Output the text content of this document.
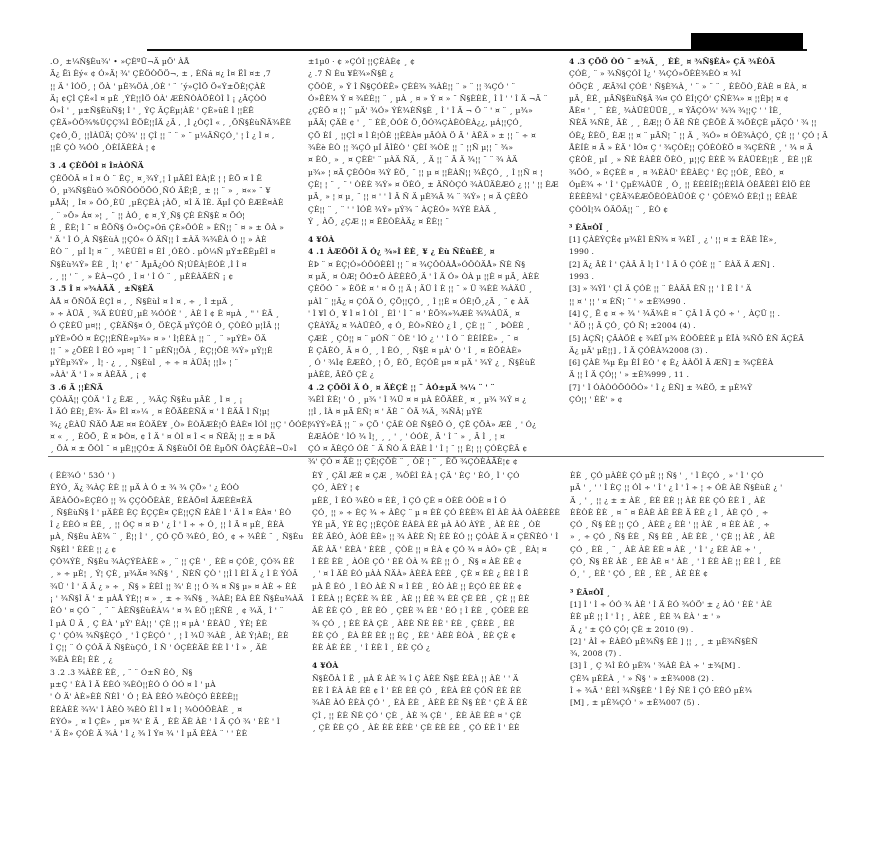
.O¸ ±¼Ñ§Èu¾' • »ÇÈºÜ¬Ä µÖ' ÀÅ

Ã¿ Ëì Èý« ¢ Ó»Ä¦ ¾' ÇÈÖÒÖÖ¬, ± , ÈÑá ¤¿ Ì¤ ËÌ ¤± ,7

¦¦ Ä ' ÌÓÖ¸ ¦ ÖÀ ' µÈ¾ÖÀ ,ÓÈ ' ¨ ´ý»ÇÌÖ Ö«Ý±ÕÈ¦ÇÀÈ

Ä¡ ¢ÇÌ ÇÈ«Ì ¤ µÈ ¸ÝÈ¦¦ÌÖ ÓÀ' ÆÈÑÒÀÖÈÒÌ Ì ¡ ¿ÄÇÒÒ

Ó»Ì ' ¸ µ±Ñ§ÈùÑ§¦ Ì ' ¸ ÝÇ ÂÇÈµ¦ÀÈ ' ÇÈ»ûÈ Ì ¦¦ÈÊ

ÇÈÄ»ÒÖ¾%ÙÇÇ¾Ì ÈÖÈ¦¦ÍÄ ¿Ä , ¸Ì ¿ÒÇÌ « , ¸ÕÑ§ÈùÑÄ¾ËÈ

Ç¢Ó¸Ö¸ ¦¦ÌÀÜÄ¦ ÇÒ¾' ¦¦ ÇÌ ¦¦ ¨ ¨ » ¨ µ¼ÄÑÇÓ¸' ¦ Ì ¿ Ì ¤ ,

¦¦È ÇÒ ¾ÓÒ ¸ÒÈÍÄÈÈÀ ¦ ¢

3 .4 ÇÈÖÒÌ ¤ Ì¤ÀÒÑÄ

ÇÈÖÒÄ ¤ Ì ¤ Ò ¨ ÊÇ¸ ¤¸¾Ý¸¦ Ì µÄÊÌ ÈÀ¦È ¦ ¦ ÈÕ ¤ Ì Ë

Ó¸ µ¾Ñ§ÈùÓ ¾ÕÑÔÓÖÕÓ¸ÑÓ ÄË¦Ë¸ ± ¦¦ ¨ » ¸ ¤«» ¨ ¥

µÅÄ¦ ¸ Ì¤ » ÔÓ¸ÈÙ ¸µÈÇÈÀ ¡ÀÖ¸ ¤Ì Ä ÌÈ. ÄµÍ ÇÒ ÈÆÈ¤ÀÈ

¸ ¨ »Ö» Á¤ »¦ ¸ ¨ ¦¦ ÀÓ¸ ¢ ¤¸Ý¸Ñ§ ÇÈ ÈÑ§È ¤ ÕÓ¦

È ¸ ÊÈ¦ Ì ¨ ¤ ÊÕÑ§ Ó»ÒÇ»Óñ ÇÈ»ÔÓÈ » ÈÑ¦¦ ¨ ¤ » ± ÔÀ »

' Ä ' Ì Ó¸À Ñ§ÈùÀ ¦¦ÇÓ« Ó ÄÑ¦¦ Ì ±ÀÄ ¾¾ÊÀ Ó ¦¦ » ÀÈ

ÈÒ ¨ ¸ µÍ Ì¦ ¤ ¨ ¸ ¾ÈÙÈÌ ¤ ÈÍ ¸ÓÈÒ . µÒ¼Ñ µÝ±ÊÈµÈÌ ¤

Ñ§Èù¾Ý» ÈÈ ¸ Ì¦ ' ¢' ¨ ÅµÄ¿ÒÓ Ñ¦ÚÊÀ¦ÈÓÈ ,Ì Ì ¤

, ¸ ¦¦ ' ¨ ¸ » ÈÀ¬ÇÓ ¸ Ì ¤ ' Ì Ó ¨ ¸ µÈÈÀÄÈÑ ¡ ¢

3 .5 Ì ¤ »¾ÀÃÄ ¸ ±Ñ§ÈÄ

ÀÅ ¤ ÕÑÕÄ ÈÇÌ ¤ , ¸ Ñ§ÈùÌ ¤ Ì ¤ , ÷ ¸ Ì ±µÄ ¸

» ÷ ÀÜÄ ¸ ¾Ä ÈÙÈÙ¸µÈ ¾ÓÓÈ ' ¸ ÀÈ Ì ¢ È ¤µÀ ¸ " ' ÈÄ ¸

Ó ÇÈÈÜ µ¤¦¦ ¸ ÇÈÄÑ§¤ Ó¸ ÖÈÇÄ µÝÇÓÈ Ó¸ ÇÒÈÒ µ¦ÌÄ ¦¦

µÝÈ»ÔÓ ¤ ÈÇ¦¦ÈÑÈ»µ¾» ¤ » ' Ì¦ÈÈÀ ¦¦ ¨ ¸ ¨ »µÝÈ» ÖÄ

¦¦ ¨ » ¿ÕÈÈ Ì ÈÓ »µ¤¦ ¨ Ì ¨ µÈÑ¦¦ÕÀ ¸ ÈÇ¦¦ÖÈ ¾Ý» µÝ¦¦È

µÝÈµ¾Ý» ¸ Ì¦ · ¿ ¸ ¸ Ñ§ÈùÌ ¸ ÷ ÷ ¤ ÀÜÄ¦ ¦¦Ì» ¦ ¨

»ÀÀ' Ä ' Ì » ¤ ÀÈÃÄ ¸ ¡ ¢

3 .6 Ä ¦¦ÈÑÄ

ÇÒÀÄ¦¦ ÇÒÄ ' Ì ¿ ÈÆ ¸ ¸ ¾ÄÇ Ñ§Èu µÄÈ ¸ Ì ¤ ¸ ¡

Ì ÄÓ ÈÈ¦¸Ë¾· Ä» ËÌ ¤»¼ ¸ ¤ ÈÕÄÈÈÑÄ ¤ ' Ì ÈÄÄ Ì Ñ¦µ¦

¾¿ ¿ÈÀÜ ÑÄÕ ÅÆ ¤¤ ÈÒÄÈ¥ ¸Ò» ÈÒÄÆÈ¦Ô ÈÀÈ¤ ÌÓÌ ¦¦Ç ' ÔÓÈ¦

¤ « ¸ ¸ ÈÕÕ¸ Ê ¤ ÞÒ¤, ¢ Ì Ä ' ¤ ÒÌ ¤ Ì < ¤ ÑÉÄ¦ ¦¦ ± ¤ ÞÄ

¸ ÕÀ ¤ ± ÕÒÌ ¨ ¤ µÈ¦¦ÇÓ± Ä Ñ§ÈùÕÍ ÕÈ ÈµÕÑ ÖÀÇÈÄÈ¬Ü»Ì

±1µ0 · ¢ »ÇÓÌ ¦¦ÇÈÀÈ¢ ¸ ¢

¿ .7 Ñ Èu ¥È¾»Ñ§È ¿

ÇÖÒÈ¸ » Ý Ì Ñ§ÇÓÈÊ» ÇÈÈ¾ ¾ÀÈ¦¦ ¨ » ¨ ¦¦ ¾ÇÓ ' ¨

Ó»ÊÈ¾ Ý ¤ ¾ÉÈ¦¦ ¨ ¸ µÀ ¸ ¤ » Ý ¤ » ¨ Ñ§ÈÈÈ¸ Ì Ì ' ' Ì Ä ¬Ä ¨

¿ÇÈÖ ¤ ¦¦ ¨ µÄ' ¾Ó» ÝÈ¾ÈÑ§È ¸ Ì ' Ì Ä ¬ Ö ¨ ' ¤ ¨ ¸ µ¾»

µÄÄ¦ ÇÄÈ ¢ ' ¸ ¨ ÈÈ¸ÒÓÈ Ö¸ÔÓ¾ÇÀÈÒÈÀ¿¿, µÁ¦¦ÇÓ¸

ÇÕ ÈÍ ¸ ¦¦ÇÌ ¤ Ì È¦ÒÈ ¦¦ÈÈÀ¤ µÄÓÀ Ö Ä ' ÀÊÄ » ± ¦¦ ¨ ÷ ¤

¾Èè ÈÒ ¦¦ ¾ÇÓ µÍ ÄÌÈÒ ' ÇÈÍ ¾ÒÈ ¦¦ ¨ ¦¦Ñ µ¦¦ ¨ ¾»

¤ ÈÒ¸ » ¸ ¤ ÇÈÈ' ¨ µÀÄ ÑÄ¸ ¸ Ä ¦¦ ¨ Ä Ä ¾¦¦ ¨ ¨ ¾ ÀÄ

µ¾» ¦ ¤Ã ÇÈÖÒ¤ ¾Ý ÈÖ¸ ¨ ¦¦ µ ¤ ¦¦ÈÀÑ¦¦ ¾ÊÇÓ¸ ¸ Ì ¦¦Ñ ¤ ¦

ÇÈ¦ ¦ ¨ ¸ ¨ ' ÒÈÈ ¾Ý» ¤ ÖÈÓ¸ ± ÄÑÒÇÓ ¾ÀÜÄÈÆÓ ¿ ¦¦ ' ¦¦ ÈÆ

µÄ¸ » ¦ ¤ µ¸ ¨ ¦¦ ¤ ' ' Ì Ä Ñ Ä µÈ¾Ä ¾ ¨ ¾Ý» ¦ ¤ Ä ÇÈÊÒ

ÇÈ¦¦ ¨ ¸ ¨ ' ' ÌÓÊ ¾Ý» µÝ¾ ¨ ÀÇÈÓ» ¾ÝÈ ÈÀÄ ¸

Ý ¸ ÀÕ¸ ¿ÇÆ ¦¦ ¤ ÊÈÒÈÀÄ¿ ¤ ÊÈ¦¦ ¨

4 ¥ÓÀ

4 .1 ÀÆÕÖÌ Ä Ó¿ ¾»Ì ÈÈ¸ ¥ ¿ Èù ÑÈùÈÈ¸ ¤

ÈÞ ¨ ¤ ÈÇ¦Ó»ÓÔÓÈÈÌ ¦¦ ¨ ¤ ¾ÇÔÒÀÅ»ÓÖÒÄÅ» ÑÈ Ñ§

¤ µÄ¸ ¤ ÒÆ¦ ÖÓ±Ö ÀÈÈÈÕ¸Ä ' Ì Ä Ó» ÒÀ µ ¦¦È ¤ µÄ¸ ÀÈÈ

ÇÈÖÓ ¨ » ÈÖÈ ¤ ' ¤ Ö ¦¦ Ä ¦ ÄÜ Ì È ¦¦ ¨ » Ü ¾ÈÈ ¾ÀÄÜ ¸

µÀÌ ¨ ¦¦Ä¿ ¤ ÇÓÄ Ó¸ ÇÕ¦¦ÇÓ¸ ¸ Ì ¦¦È ¤ ÓÈ¦Õ¸¿Ã ¸ ¨ ¢ ÀÄ

' Ì ¥Ì Ó¸ ¥ Ì ¤ Ì ÒÌ ¸ ÈÌ ' Ì ¨ ¤ ' ÈÕ¾»¾ÆÈ ¾¾ÀÜÄ¸ ¤

ÇÈÀÝÄ¿ ¤ ¾ÀÜÈÖ¸ ¢ Ó¸ ÈÒ»ÑÈÒ ¿ Ì ¸ ÇÈ ¦¦ ¨ ¸ ÞÒÈÈ ¸

ÇÆÈ ¸ ÇÒ¦¦ ¤ ¨ µÓÑ ¨ ÒÈ ' ÌÓ ¿ ' ' Ì Ó ¨ ÈÈÍÊÈ» ¸ ¨ ¤

È ÇÂÈÒ¸ Ä ¤ Ó¸ ¸ Ì ÈÓ¸ ¸ Ñ§È ¤ µÀ' Ò ' Ì ¸ ¤ ÈÕÈÀÈ»

¸ Ó ' ¾Ì¢ ÈÆÈÒ¸ ¦ Ö¸ ÈÖ¸ ÈÇÓÊ µ¤ ¤ µÄ ' ¾Ý ¿ ¸ Ñ§ÈùÈ

µÀÈÈ, ÄÈÕ ÇÈ ¿

4 .2 ÇÕÖÌ Ä Ó¸ ¤ ÄÈÇÈ ¦¦ ¨ ÀÓ±µÄ ¾¼ ¨ ' ¨

¾ÊÌ ÈÈ¦ ' Ó ¸ µ¾ ' Ì ¾Ü ¤ ¤ µÀ ÈÕÄÈÈ¸ ¤ ¸ µ¾ ¾Ý ¤ ¿

¦¦Ì , ÌÀ ¤ µÃ ÈÑ¦ ¤ ' ÄÈ ¨ ÒÄ ¾Ä¸ ¾ÑÂ¦ µÝÈ

¾ÝÝ»ÈÄ ¦¦ ¨ » ÇÕ ' ÇÂÈ ÒÈ Ñ§ÈÕ Ó¸ ÇÊ ÇÕÀ» ÆÈ ¸ ' Ó¿

ÈÆÂÓÈ ' ÌÓ ¾ Ì¦¸ ¸ ¸ ' ¸ ' ÓÓÈ¸ Ä ' Ì ¨ » ¸ Ä Ì ¸ ¦ ¤

ÇÓ ¤ ÄÈÇÓ ÓÈ ¨ Ä ÑÒ Ä ÈÄÈ Ì ' Ì ¦ ¨ ¦¦ È¦ ¦¦ ÇÓÈÇÈÄ ¢

¾' ÇÓ ¤ ÄÈ ¦¦ ÇÈ¦ÇÖÈ ¨ ¸ ÒÈ ¦ ¨ ¸ ÊÕ ¾ÇÒÈÀÄÈ¦¢ ¢

4 .3 ÇÕÖ ÒÓ ¨ ±¾Ä¸ ¸ ÈÈ¸ ¤ ¾Ñ§ÈÀ» ÇÂ ¾ÈÒÄ

ÇÓÈ¸ ¨ » ¾Ñ§ÇÓÌ Ì¿ ' ¾ÇÓ»ÕÈÈ¾ÈÒ ¤ ¾Ì

ÓÕÇÈ ¸ ÆÄ¾Ì ÇÓÈ ' Ñ§È¾À¸ ' ¨ » ¨ ¨ ¸ ÈÈÖÒ¸ÈÀÈ ¤ ÈÀ¸ ¤

µÄ¸ ÈÉ¸ µÄÑ§ÈùÑ§Ä ¾¤ ÇÓ ÈÍ¦ÇÓ' ÇÑÈ¾» ¤ ¦¦Èþ¦ ¤ ¢

ÅÈ¤ ' ¸ ¨ ÈÈ¸ ¾ÀÜÈÜÜÈ¸¸ ¤ ÝÄÇÓ¾' ¾¾ ¾¦¦Ç ' ' ÌÈ¸

ÑÈÄ ¾ÑÈ¸ ÄÈ ¸ ¸ ÈÆ¦¦ Ö ÄÈ ÑÈ ÇÈÕÈ Ä ¾ÕÈÇÈ µÄÇÓ ' ¾ ¦¦

ÓÈ¿ ÈÈÖ¸ ÈÆ ¦¦ ¤ ¨ µÄÑ¦ ¨ ¦¦ Ä ¸ ¾Ó» ¤ ÓÈ¾ÀÇÓ¸ ÇÈ ¦¦ ' ÇÓ ¦ Ä

ÅÈÍÈ ¤ Ä » ÈÄ ' ÌÓ¤ Ç ' ¾ÇÒÈ¦¦ ÇÓÈÒÈÖ ¤ ¾ÇÈÑÈ ¸ ' ¾ ¤ Ä

ÇÈÒÈ¸ µÍ ¸ » ÑÈ ÈÀÊÈ ÖÈÒ¸ µ¦¦Ç ÈÈÊ ¾ ÈÀÜÈÈ¦¦È ¸ ÈÈ ¦¦È

¾ÔÓ¸ » ÈÇÈÈ ¤ ¸ ¤ ¾ÈÀÜ' ÈÈÀÈÇ ' ÈÇ ¦¦ÓÈ¸ ÊÈÒ¸ ¤

ÓµÈ¾ ÷ ' Ì ' ÇµÈ¾ÀÜÈ ¸ Ó¸ ¦¦ ÈÈÈÍÊ¦¦ÈÈÌÀ ÓÈÅÈÈÌ ÈÌÖ ÈÈ

ÈÈÈÈ¾Ì ' ÇÈÄ¾ÈÆÖÈÓÈÀÜÓÈ Ç ' ÇÓÈ¾Ó ÈÈ¦Ì ¦¦ ÈÈÀÈ

ÇÒÓÌ¦¾ ÓÄÖÄ¦¦ ¨ ¸ ÈÒ ¢

³ ÈÂ¤ÒÏ ¸

[1] ÇÀÈÝÇÈ¢ µ¾ÈÌ ÈÑ¾ ¤ ¾ÈÏ ¸ ¿ ' ¦¦ ¤ ± ÈÄÈ ÏÈ»¸

1990 .

[2] Ä¿ ÄÈ Ì ' ÇÀÄ Ä Ì¦ Ì ' Ì Ä Ó ÇÓÈ ¦¦ ¨ ÈÀÄ Ä ÆÑ] .

1993 .

[3] » ¾ÝÌ ' ÇÌ Ä ÇÓÈ ¦¦ ¨ ÈÀÄÄ ÈÑ ¦¦ ' Ì Ë Ì ' Ä

¦¦ ¤ ' ¦¦ ' ¤ ÈÑ¦ ¨ ' » ±È¾990 .

[4] Ç¸ Ë ¢ ¤ ÷ ¾ ' ¾Ä¾È ¤ ¨ ÇÂ Ì Ä ÇÓ ÷ ' ¸ ÀÇÜ ¦¦ .

' ÄÖ ¦¦ Ä ÇÓ¸ ÇÓ Ñ¦ ±2004 (4) .

[5] ÀÇÑ¦ ÇÂÀÖÈ ¢ ¾ÈÏ µ¾ ÈÒÖÈÈÈ µ ÈÏÀ ¾ÑÕ ÈÑ ÄÇÈÄ

Ä¿ µÄ' µÈ¦¦] , Ì Ä ÇÓÈÀ¾2008 (3) .

[6] ÇÀÈ ¾µ Èµ ÈÍ ÈÒ ' ¢ È¿ ÀÀÖÌ Ä ÆÑ] ± ¾ÇÈÈÀ

Ä ¦¦ Ì Ä ÇÓ¦¦ ' » ±È¾999 , 11 .

[7] ' Ì ÓÀÒÓÕÓÖÓ» ' Ì ¿ ÈÑ] ± ¾ÈÖ, ± µÈ¾Ý

ÇÓ¦¦ ' ÈÈ' » ¢

( ËÈ¾Ó ' 53Ó ' )

ÈÝÓ¸ Ä¿ ¾ÀÇ ÈÈ ¦¦ µÄ À Ó ± ¾ ¾ ÇÕ» ' ¿ ÈÓÒ

ÄÈÀÖÓ»ÈÇÈÓ ¦¦ ¾ ÇÇÒÕÈÀÈ¸ ÈÈÀÕ¤Ì ÄÆÈÈ¤ÈÄ

¸ Ñ§ÈùÑ§ Ì ' µÄÈÈ ÈÇ ÈÇÇÈ¤ ÇÈ¦¦ÇÑ ÈÀÈ Ì ' Ä Ì ¤ ÈÀ¤ ' ÈÒ

Ì ¿ ÈÈÓ ¤ ÈÈ¸ ¸ ¦¦ ÓÇ ¤ ¤ Ð ' ¿ Ì ' Ì ÷ ÷ Ó¸ ¦¦ Ì Ä ¤ µÈ¸ ÈÈÀ

µÀ¸ Ñ§Èu ÀÈ¾ ¨ ¸ Ë¦¦ Ì ' ¸ ÇÓ ÇÕ ¾ÈÓ¸ ÈÓ¸ ¢ ÷ ¾ÊÈ ¨ ¸ Ñ§Èu

Ñ§ÈÌ ' ÈÈÈ ¦¦ ¿ ¢

ÇÓ¾ÝÈ¸ Ñ§Èu ¾ÀÇÝÈÀÈÈ » ¸ ¨ ¦¦ ÇÈ ' ¸ ÈÈ ¤ ÇÓÈ¸ ÇÓ¾ ÈÈ

¸ » ÷ µÈ¦ ¸ Ý¦ ÇÈ¸ µ¾Ä¤ ¾Ñ§ ' ¸ ÑÈÑ ÇÒ ' ¦¦Ì Ì ÈÌ Ä ¿ Ì È ÝÓÄ

¾Ü ' Ì ' Ä Ä ¿ » ÷ ¸ Ñ§ » ÈÈÌ ¦¦ ¾' È ¦¦ Ó ¾ ¤ Ñ§ µ» ¤ ÀÈ ÷ ÈÈ

¡ ' ¾Ñ§Ì Ä ' ± µÀÅ ÝÈ¦¦ ¤ » ¸ ± ÷ ¾Ñ§ ¸ ¾ÀÈ¦ ÈÀ ÈÈ Ñ§Èu¾ÀÄ

ÈÓ ' ¤ ÇÓ ¨ ¸ ¨ ¨ ÀÈÑ§ÈùÈÀ¼ ' ¤ ¾ ÈÖ ¦¦ÈÑÈ ¸ ¢ ¾Ä¸ Ì ' ¨

Ì µÀ Ü Ä ¸ Ç ÈÀ ' µÝ' ÈÀ¦¦ ' ÇÈ ¦¦ ¤ µÀ ' ÈÈÀÜ ¸ ÝÈ¦ ÈÈ

Ç ' ÇÓ¾ ¾Ñ§ÈÇÓ ¸ ' Ì ÇÈÇÓ ' ¸ ¦ Ì ¾Ü ¾ÀÈ ¸ ÀÈ Ý¦ÀÈ¦¸ ÈÈ

Ì Ç¦¦ ¨ Ó ÇÓÄ Ä Ñ§ÈùÇÓ¸ Ì Ñ ' ÓÇÈÈÄÈ ÈÈ Ì ' Ì » ¸ ÄÈ

¾ÈÀ ÈÈ¦ ÈÈ ¸ ¿

3 .2 .3 ¾ÀÈÈ ÈÈ¸ , ¨ ¨ Ó±Ñ ÈÒ¸ Ñ§

µ±Ç ' ÈÀ Ì Ä ÈÈÓ ¾ÈÒ¦¦ÈÓ Ó ÓÓ ¤ Ì ' µÀ

' Ò Ä' ÀÈ»ÈÈ ÑÈÌ ' Ó ¦ ÈÀ ÈÈÓ ¾ÈÒÇÓ ÈÈÈÈ¦¦

ÈÈÀÈÈ ¾¾' Ì ÀÈÒ ¾ÈÒ ÈÌ Ì ¤ Ì ¦ ¾ÒÓÖÈÀÈ ¸ ¤

ÈÝÓ» ¸ ¤ Ì ÇÈ» ¸ µ¤ ¾' È Ä ¸ ÈÈ ÄÈ ÀÈ ' Ì Ä ÇÓ ¾ ' ÈÈ ' Ì

' Ä È» ÇÓÈ Ä ¾À ' Ì ¿ ¾ Ì Ý¤ ¾ ' Ì µÄ ÈÈÀ ¨ ' ' ÈÈ

ÈÝ ¸ ÇÄÌ ÆÈ ¤ ÇÆ ¸ ¾ÖÈÌ ÈÀ ¦ ÇÄ ' ÈÇ ' ÈÓ¸ Ì ' ÇÓ

ÇÓ¸ ÀÈÝ ¦ ¢

µÈÈ¸ Ì ÈÓ ¾ÈÒ ¤ ÈÈ¸ Ì ÇÓ ÇÈ ¤ ÒÈÈ ÓÒÈ ¤ Ì Ó

ÇÓ¸ ¦¦ » ÷ ÈÇ ¾ ÷ ÀÊÇ ¨ µ ¤ ÈÈ ÇÓ ÈÈÈ¾ ÈÌ ÀÈ ÀÀ ÓÀÈÈÈÈ

ÝÈ µÄ¸ ÝÈ ÈÇ ¦¦ÈÇÓÈ ÈÀÈÀ ÈÈ µÀ ÀÓ ÀÝÈ ¸ ÀÈ ÈÈ ¸ ÒÈ

ÈÈ ÄÈÓ¸ ÀÓÈ ÈÈ» ¦¦ ¾ ÀÈÈ Ñ¦ ÈÈ ÈÓ ¦¦ ÇÓÀÈ Ä ¤ ÇÈÑÈÓ ' Ì

ÄÈ ÀÄ ' ÈÈÀ ' ÈÈÈ ¸ ÇÒÈ ¦¦ ¤ ÈÀ ¢ ÇÓ ¾ ¤ ÀÓ» ÇÈ ¸ ÈÀ¦ ¤

Ì ÈÈ ÈÈ ¸ ÀÓÈ ÇÓ ' ÈÈ ÓÀ ¾ ÈÈ ¦¦ Ó ¸ Ñ§ ¤ ÀÈ ÈÈ ¢

¸ ' ¤ Ì ÄÈ ÈÓ µÀÀ ÑÄÀ» ÀÈÈÀ ÈÈÈ ¸ ÇÈ ¤ ÈÈ ¿ ÈÈ Ì Ë

µÀ Ë ÈÓ ¸ Ì ÈÒ ÀÈ Ñ ¤ Ì ÈÈ ¸ ÈÒ ÀÈ ¦¦ ÈÇÓ ÈÈ ÈÈ ¢

Ì ÈÈÀ ¦¦ ÈÇÈÈ ¾ ÈÈ ¸ ÀÈ ¦¦ ÈÈ ¾ ÈÈ ÇÈ ÈÈ ¸ ÇÈ ¦¦ ÈÈ

ÀÈ ÈÈ ÇÓ ¸ ÈÈ ÈÒ ¸ ÇÈÈ ¾ ÈÈ ' ÈÓ ¦ Ì ÈÈ ¸ ÇÓÈÈ ÈÈ

¾ ÇÓ ¸ ¦ ÈÈ ÈÀ ÇÈ ¸ ÀÈÈ ÑÈ ÈÈ ' ÈÈ ¸ ÇÈÈÈ ¸ ÈÈ

ÈÈ ÇÓ ¸ ÈÀ ÈÈ ÈÈ ¦¦ ÈÇ ¸ ÈÈ ' ÀÈÈ ÈÒÀ ¸ ÈÈ ÇÈ ¢

ÈÈ ÀÈ ÈÈ ¸ ' Ì ÈÈ Ì ¸ ÈÈ ÇÓ ¿

4 ¥ÓÀ

Ñ§ÈÕÀ Ì Ë ¸ µÀ È ÀÈ ¾ Ì Ç ÀÈÈ Ñ§È ÈÈÀ ¦¦ ÀÈ ' ' Ä

ÈÈ Ì ÈÀ ÀÈ ÈÈ ¢ Ì ' ÈÈ ÈÈ ÇÓ ¸ ÈÈÀ ÈÈ ÇÓÑ ÈÈ ÈÈ

¾ÀÈ ÀÓ ÈÈÀ ÇÓ ' ¸ ÈÀ ÈÈ ¸ ÀÈÈ ÈÈ Ñ§ ÈÈ ' ÇÈ Ä ÈÈ

ÇÌ , ¦¦ ÈÈ ÑÈ ÇÓ ' ÇÈ ¸ ÀÈ ¾ ÇÈ ' ¸ ÈÈ ÀÈ ÈÈ ¤ ' ÇÈ

¸ ÇÈ ÈÈ ÇÓ ¸ ÀÈ ÈÈ ÈÈÈ ' ÇÈ ÈÈ ÈÈ ¸ ÇÓ ÈÈ Ì ' ÈÈ

ÈÈ ¸ ÇÓ µÀÈÈ ÇÓ µÈ ¦¦ Ñ§ ' ¸ ' Ì ÈÇÓ ¸ » ' Ì ' ÇÓ

µÄ ' ¸ ' ' Ì ÈÇ ¦¦ ÓÌ ÷ ' Ì ' ¿ Ì ' Ì ÷ ¦ ÷ ÓÈ ÀÈ Ñ§ÈùÈ ¿ '

Ä ¸ ' ¸ ¦¦ ¿ ± ± ÀÈ ¸ ÈÈ ÈÈ ¦¦ ÀÈ ÈÈ ÇÓ ÈÈ Ì ¸ ÀÈ

ÈÈÒÈ ÈÈ ¸ ¤ ¨ ¤ ÈÀÈ ÀÈ ÈÈ Ä ÈÈ ¿ Ì ¸ ÀÈ ÇÓ ¸ ÷

ÇÓ ¸ Ñ§ ÈÈ ¦¦ ÇÓ ¸ ÀÈÈ ¿ ÈÈ ' ¦¦ ÀÈ ¸ ¤ ÈÈ ÀÈ ¸ ÷

» ¸ ÷ ÇÓ ¸ Ñ§ ÈÈ ¸ Ñ§ ÈÈ ¸ ÀÈ ÈÈ ¸ ' ÇÈ ¦¦ ÀÈ ¸ ÀÈ

ÇÓ ¸ ÈÈ ¸ ¨ ¸ ÀÈ ÀÈ ÈÈ ¤ ÀÈ ¸ ' Ì ' ¿ ÈÈ ÀÈ ÷ ' ¸

ÇÓ¸ Ñ§ ÈÈ ÀÈ ¸ ÈÈ ÀÈ ¤ ' ÀÈ ¸ ' Ì ÈÈ ÀÈ ¦¦ ÈÈ Ì ¸ ÈÈ

Ó¸ ' ¸ ÈÈ ' ÇÓ ¸ ÈÈ ¸ ÈÈ ¸ ÀÈ ÈÈ ¢

³ ÈÂ¤ÒÏ ¸

[1] Ì ' Ì ÷ ÓÓ ¾ ÀÈ ' Ì Ä ÈÓ ¾ÓÖ' ± ¿ ÀÓ ' ÈÈ ' ÀÈ

ÈÈ µÈ ¦¦ Ì ' Ì ¦ ¸ ÀÈÈ ¸ ÈÈ ¾ ÈÀ ' ± ' »

Ä ¿ ' ± ÇÓ ÇÓ¦ ÇÈ ± 2010 (9) .

[2] ' ÀÌ ÷ ÈÀÈÓ µÈ¾Ñ§ ÈÈ ] ¦¦ ¸ ¸ ± µÈ¾Ñ§ÈÑ

¾, 2008 (7) .

[3] Ì ¸ Ç ¾Ì ÈÓ µÈ¾ ' ¾ÀÈ ÈÀ ÷ ' ±¾[M] .

ÇÈ¾ µÈÈÀ ¸ ' » Ñ§ ' » ±È¾008 (2) .

Ì ÷ ¾Ä ' ÈÈÌ ¾Ñ§ÈÈ ' Ì Ëý ÑÈ Ì ÇÓ ÈÈÓ µÈ¾

[M] , ± µÈ¾ÇÓ ' » ±È¾007 (5) .
